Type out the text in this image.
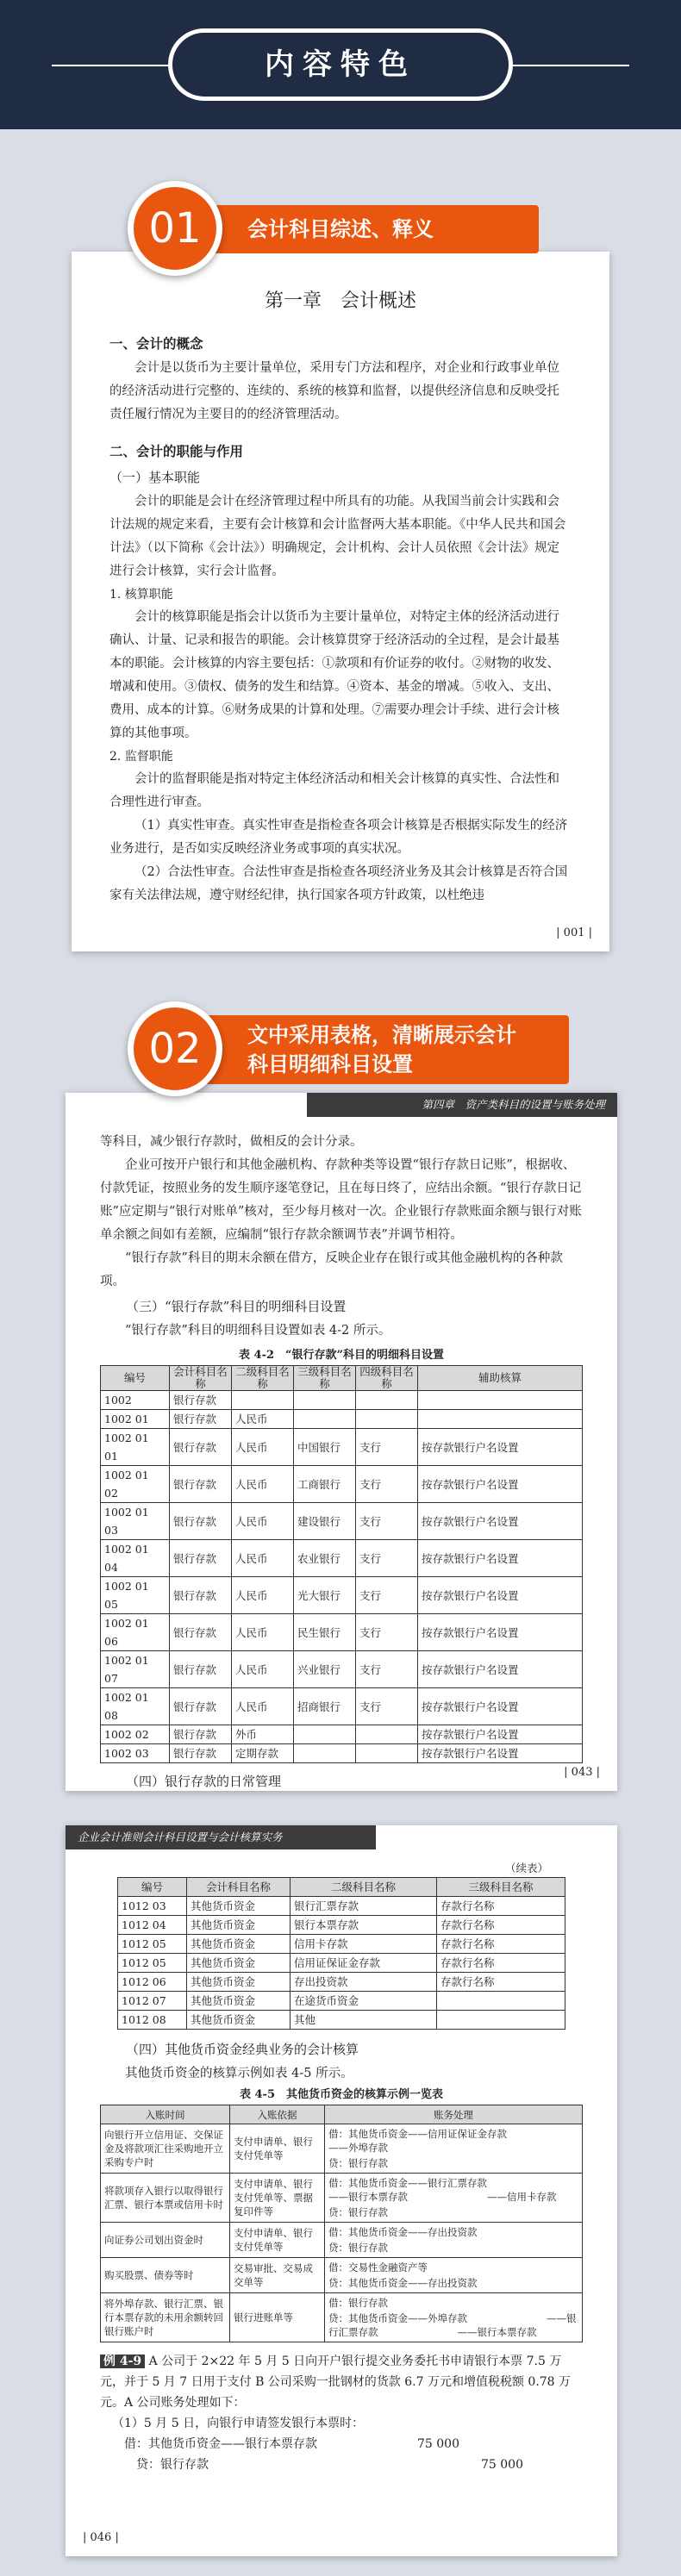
内容特色
01	会计科目综述、释义
第一章　会计概述
一、会计的概念
会计是以货币为主要计量单位，采用专门方法和程序，对企业和行政事业单位的经济活动进行完整的、连续的、系统的核算和监督，以提供经济信息和反映受托责任履行情况为主要目的的经济管理活动。
二、会计的职能与作用
（一）基本职能
会计的职能是会计在经济管理过程中所具有的功能。从我国当前会计实践和会计法规的规定来看，主要有会计核算和会计监督两大基本职能。《中华人民共和国会计法》（以下简称《会计法》）明确规定，会计机构、会计人员依照《会计法》规定进行会计核算，实行会计监督。
1. 核算职能
会计的核算职能是指会计以货币为主要计量单位，对特定主体的经济活动进行确认、计量、记录和报告的职能。会计核算贯穿于经济活动的全过程，是会计最基本的职能。会计核算的内容主要包括：①款项和有价证券的收付。②财物的收发、增减和使用。③债权、债务的发生和结算。④资本、基金的增减。⑤收入、支出、费用、成本的计算。⑥财务成果的计算和处理。⑦需要办理会计手续、进行会计核算的其他事项。
2. 监督职能
会计的监督职能是指对特定主体经济活动和相关会计核算的真实性、合法性和合理性进行审查。
（1）真实性审查。真实性审查是指检查各项会计核算是否根据实际发生的经济业务进行，是否如实反映经济业务或事项的真实状况。
（2）合法性审查。合法性审查是指检查各项经济业务及其会计核算是否符合国家有关法律法规，遵守财经纪律，执行国家各项方针政策，以杜绝违
| 001 |
02	文中采用表格，清晰展示会计
科目明细科目设置
第四章　资产类科目的设置与账务处理
等科目，减少银行存款时，做相反的会计分录。
企业可按开户银行和其他金融机构、存款种类等设置“银行存款日记账”，根据收、付款凭证，按照业务的发生顺序逐笔登记，且在每日终了，应结出余额。“银行存款日记账”应定期与“银行对账单”核对，至少每月核对一次。企业银行存款账面余额与银行对账单余额之间如有差额，应编制“银行存款余额调节表”并调节相符。
“银行存款”科目的期末余额在借方，反映企业存在银行或其他金融机构的各种款项。
（三）“银行存款”科目的明细科目设置
“银行存款”科目的明细科目设置如表 4-2 所示。
表 4-2　“银行存款”科目的明细科目设置
编号	会计科目名称	二级科目名称	三级科目名称	四级科目名称	辅助核算
1002	银行存款				
1002 01	银行存款	人民币			
1002 01 01	银行存款	人民币	中国银行	支行	按存款银行户名设置
1002 01 02	银行存款	人民币	工商银行	支行	按存款银行户名设置
1002 01 03	银行存款	人民币	建设银行	支行	按存款银行户名设置
1002 01 04	银行存款	人民币	农业银行	支行	按存款银行户名设置
1002 01 05	银行存款	人民币	光大银行	支行	按存款银行户名设置
1002 01 06	银行存款	人民币	民生银行	支行	按存款银行户名设置
1002 01 07	银行存款	人民币	兴业银行	支行	按存款银行户名设置
1002 01 08	银行存款	人民币	招商银行	支行	按存款银行户名设置
1002 02	银行存款	外币			按存款银行户名设置
1002 03	银行存款	定期存款			按存款银行户名设置
（四）银行存款的日常管理
| 043 |
企业会计准则会计科目设置与会计核算实务
（续表）
编号	会计科目名称	二级科目名称	三级科目名称
1012 03	其他货币资金	银行汇票存款	存款行名称
1012 04	其他货币资金	银行本票存款	存款行名称
1012 05	其他货币资金	信用卡存款	存款行名称
1012 05	其他货币资金	信用证保证金存款	存款行名称
1012 06	其他货币资金	存出投资款	存款行名称
1012 07	其他货币资金	在途货币资金	
1012 08	其他货币资金	其他	
（四）其他货币资金经典业务的会计核算
其他货币资金的核算示例如表 4-5 所示。
表 4-5　其他货币资金的核算示例一览表
入账时间	入账依据	账务处理
向银行开立信用证、交保证金及将款项汇往采购地开立采购专户时	支付申请单、银行支付凭单等	借：其他货币资金——信用证保证金存款　　　　　　　　——外埠存款
贷：银行存款

将款项存入银行以取得银行汇票、银行本票或信用卡时	支付申请单、银行支付凭单等、票据复印件等	借：其他货币资金——银行汇票存款　　　　　　　　——银行本票存款　　　　　　　　——信用卡存款
贷：银行存款

向证券公司划出资金时	支付申请单、银行支付凭单等	借：其他货币资金——存出投资款
贷：银行存款

购买股票、债券等时	交易审批、交易成交单等	借：交易性金融资产等
贷：其他货币资金——存出投资款

将外埠存款、银行汇票、银行本票存款的未用余额转回银行账户时	银行进账单等	借：银行存款
贷：其他货币资金——外埠存款　　　　　　　　——银行汇票存款　　　　　　　　——银行本票存款
例 4-9 A 公司于 2×22 年 5 月 5 日向开户银行提交业务委托书申请银行本票 7.5 万元，并于 5 月 7 日用于支付 B 公司采购一批钢材的货款 6.7 万元和增值税税额 0.78 万元。A 公司账务处理如下：
（1）5 月 5 日，向银行申请签发银行本票时：
借：其他货币资金——银行本票存款	75 000
贷：银行存款	75 000
| 046 |
